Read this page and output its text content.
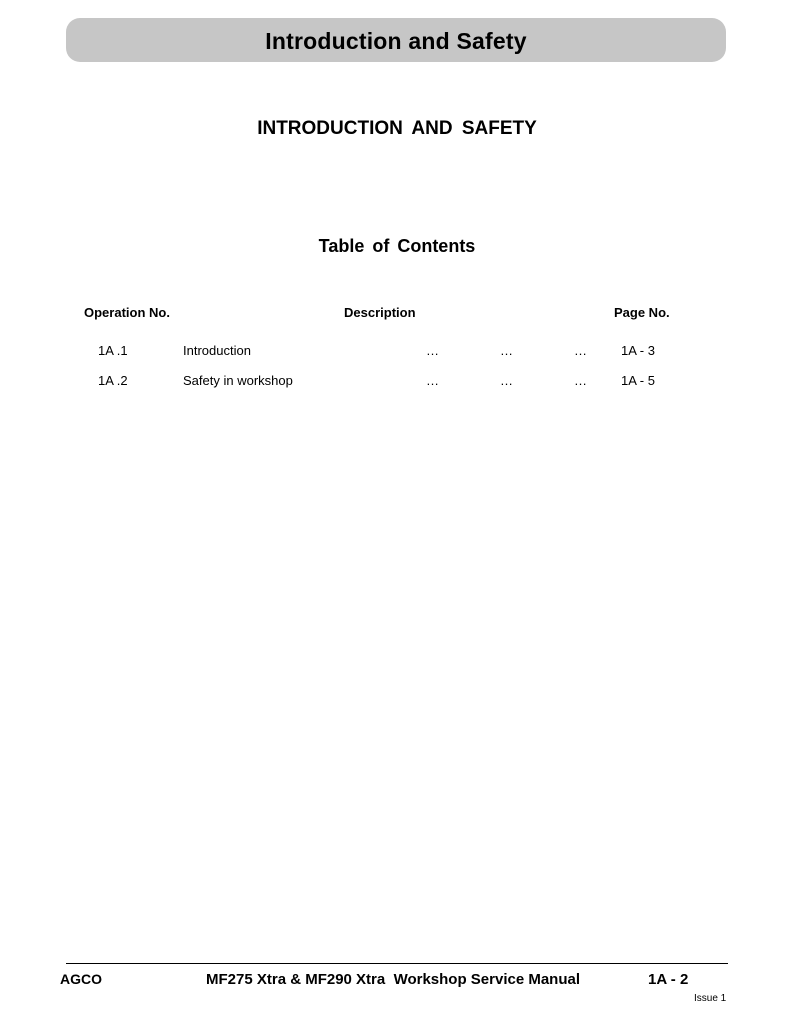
Introduction and Safety
INTRODUCTION AND SAFETY
Table of Contents
Operation No.	Description	Page No.
1A .1	Introduction	…	…	…	1A - 3
1A .2	Safety in workshop	…	…	…	1A - 5
AGCO	MF275 Xtra & MF290 Xtra  Workshop Service Manual	1A - 2
Issue 1
